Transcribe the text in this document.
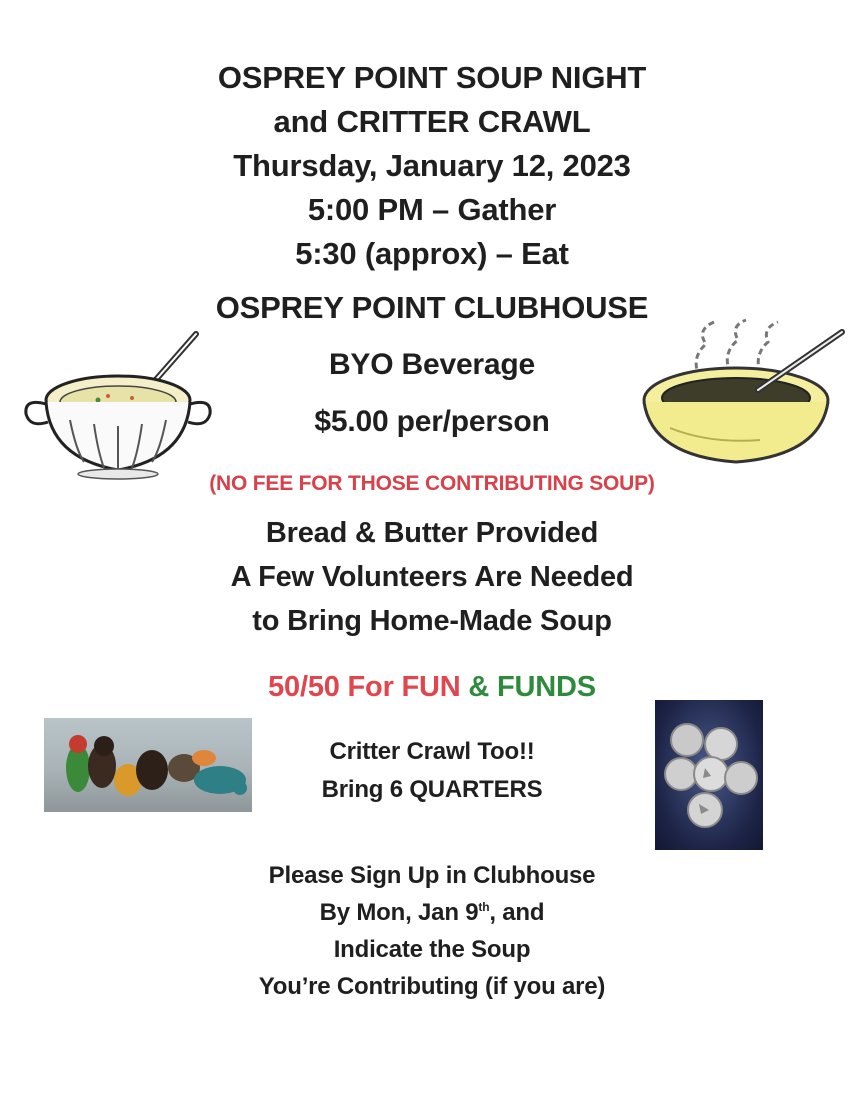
OSPREY POINT SOUP NIGHT
and CRITTER CRAWL
Thursday, January 12, 2023
5:00 PM – Gather
5:30 (approx) – Eat
OSPREY POINT CLUBHOUSE
BYO Beverage
$5.00 per/person
(NO FEE FOR THOSE CONTRIBUTING SOUP)
Bread & Butter Provided
A Few Volunteers Are Needed
to Bring Home-Made Soup
50/50 For FUN & FUNDS
Critter Crawl Too!!
Bring 6 QUARTERS
Please Sign Up in Clubhouse
By Mon, Jan 9th, and
Indicate the Soup
You’re Contributing (if you are)
